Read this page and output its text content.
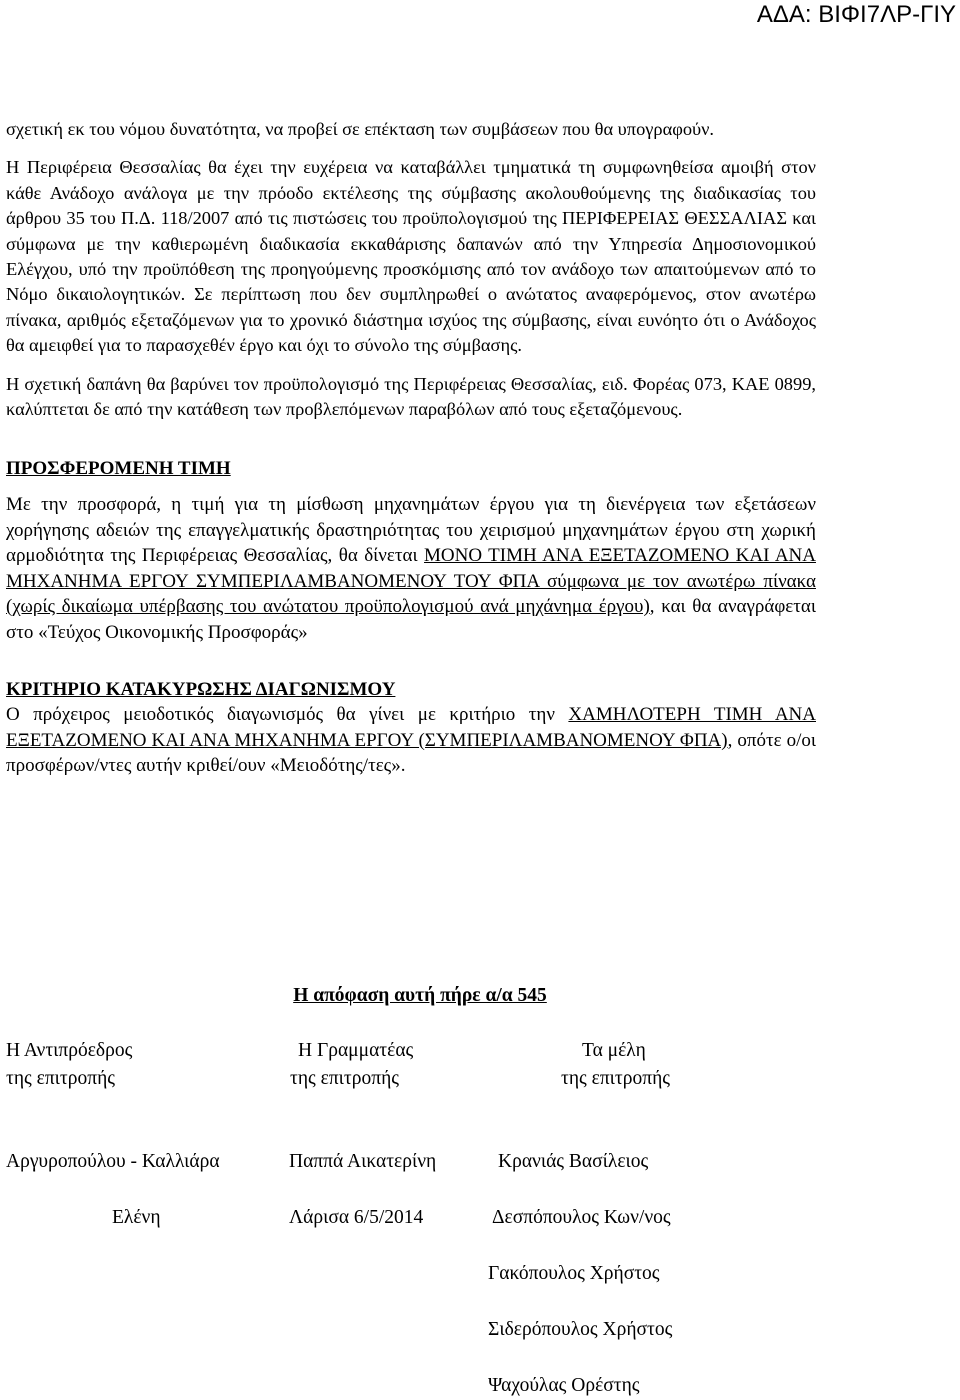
ΑΔΑ: ΒΙΦΙ7ΛΡ-ΓΙΥ

σχετική εκ του νόμου δυνατότητα, να προβεί σε επέκταση των συμβάσεων που θα υπογραφούν.

Η Περιφέρεια Θεσσαλίας θα έχει την ευχέρεια να καταβάλλει τμηματικά τη συμφωνηθείσα αμοιβή στον κάθε Ανάδοχο ανάλογα με την πρόοδο εκτέλεσης της σύμβασης ακολουθούμενης της διαδικασίας του άρθρου 35 του Π.Δ. 118/2007 από τις πιστώσεις του προϋπολογισμού της ΠΕΡΙΦΕΡΕΙΑΣ ΘΕΣΣΑΛΙΑΣ και σύμφωνα με την καθιερωμένη διαδικασία εκκαθάρισης δαπανών από την Υπηρεσία Δημοσιονομικού Ελέγχου, υπό την προϋπόθεση της προηγούμενης προσκόμισης από τον ανάδοχο των απαιτούμενων από το Νόμο δικαιολογητικών. Σε περίπτωση που δεν συμπληρωθεί ο ανώτατος αναφερόμενος, στον ανωτέρω πίνακα, αριθμός εξεταζόμενων για το χρονικό διάστημα ισχύος της σύμβασης, είναι ευνόητο ότι ο Ανάδοχος θα αμειφθεί για το παρασχεθέν έργο και όχι το σύνολο της σύμβασης.

Η σχετική δαπάνη θα βαρύνει τον προϋπολογισμό της Περιφέρειας Θεσσαλίας, ειδ. Φορέας 073, ΚΑΕ 0899, καλύπτεται δε από την κατάθεση των προβλεπόμενων παραβόλων από τους εξεταζόμενους.

ΠΡΟΣΦΕΡΟΜΕΝΗ ΤΙΜΗ

Με την προσφορά, η τιμή για τη μίσθωση μηχανημάτων έργου για τη διενέργεια των εξετάσεων χορήγησης αδειών της επαγγελματικής δραστηριότητας του χειρισμού μηχανημάτων έργου στη χωρική αρμοδιότητα της Περιφέρειας Θεσσαλίας, θα δίνεται ΜΟΝΟ ΤΙΜΗ ΑΝΑ ΕΞΕΤΑΖΟΜΕΝΟ ΚΑΙ ΑΝΑ ΜΗΧΑΝΗΜΑ ΕΡΓΟΥ ΣΥΜΠΕΡΙΛΑΜΒΑΝΟΜΕΝΟΥ ΤΟΥ ΦΠΑ σύμφωνα με τον ανωτέρω πίνακα (χωρίς δικαίωμα υπέρβασης του ανώτατου προϋπολογισμού ανά μηχάνημα έργου), και θα αναγράφεται στο «Τεύχος Οικονομικής Προσφοράς»

ΚΡΙΤΗΡΙΟ ΚΑΤΑΚΥΡΩΣΗΣ ΔΙΑΓΩΝΙΣΜΟΥ

Ο πρόχειρος μειοδοτικός διαγωνισμός θα γίνει με κριτήριο την ΧΑΜΗΛΟΤΕΡΗ ΤΙΜΗ ΑΝΑ ΕΞΕΤΑΖΟΜΕΝΟ ΚΑΙ ΑΝΑ ΜΗΧΑΝΗΜΑ ΕΡΓΟΥ (ΣΥΜΠΕΡΙΛΑΜΒΑΝΟΜΕΝΟΥ ΦΠΑ), οπότε ο/οι προσφέρων/ντες αυτήν κριθεί/ουν «Μειοδότης/τες».

Η απόφαση αυτή πήρε α/α 545
Η Αντιπρόεδρος
της επιτροπής
Η Γραμματέας
της επιτροπής
Τα μέλη
της επιτροπής
Αργυροπούλου - Καλλιάρα
Ελένη
Παππά Αικατερίνη
Λάρισα 6/5/2014
Κρανιάς Βασίλειος
Δεσπόπουλος Κων/νος
Γακόπουλος Χρήστος
Σιδερόπουλος Χρήστος
Ψαχούλας Ορέστης
